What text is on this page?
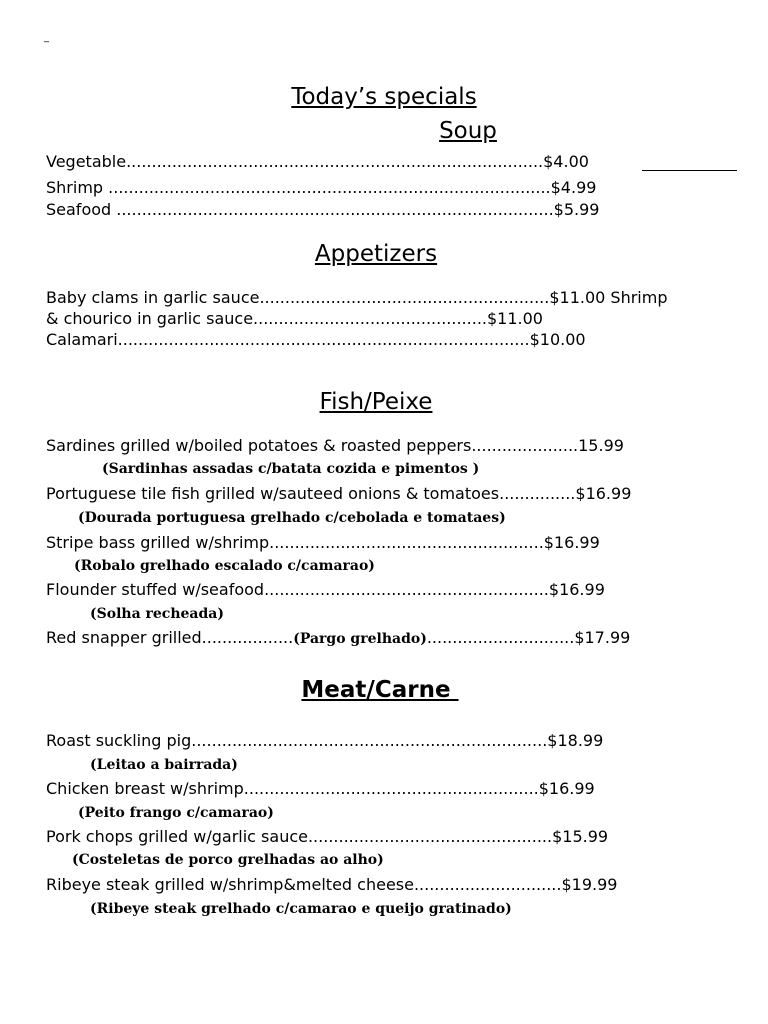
_
Today’s specials
Soup
Vegetable..................................................................................$4.00
Shrimp .......................................................................................$4.99
Seafood ......................................................................................$5.99
Appetizers
Baby clams in garlic sauce.........................................................$11.00 Shrimp
& chourico in garlic sauce..............................................$11.00
Calamari.................................................................................$10.00
Fish/Peixe
Sardines grilled w/boiled potatoes & roasted peppers.....................15.99
(Sardinhas assadas c/batata cozida e pimentos )
Portuguese tile fish grilled w/sauteed onions & tomatoes...............$16.99
(Dourada portuguesa grelhado c/cebolada e tomataes)
Stripe bass grilled w/shrimp......................................................$16.99
(Robalo grelhado escalado c/camarao)
Flounder stuffed w/seafood........................................................$16.99
(Solha recheada)
Red snapper grilled..................(Pargo grelhado).............................$17.99
Meat/Carne
Roast suckling pig......................................................................$18.99
(Leitao a bairrada)
Chicken breast w/shrimp..........................................................$16.99
(Peito frango c/camarao)
Pork chops grilled w/garlic sauce................................................$15.99
(Costeletas de porco grelhadas ao alho)
Ribeye steak grilled w/shrimp&melted cheese.............................$19.99
(Ribeye steak grelhado c/camarao e queijo gratinado)
